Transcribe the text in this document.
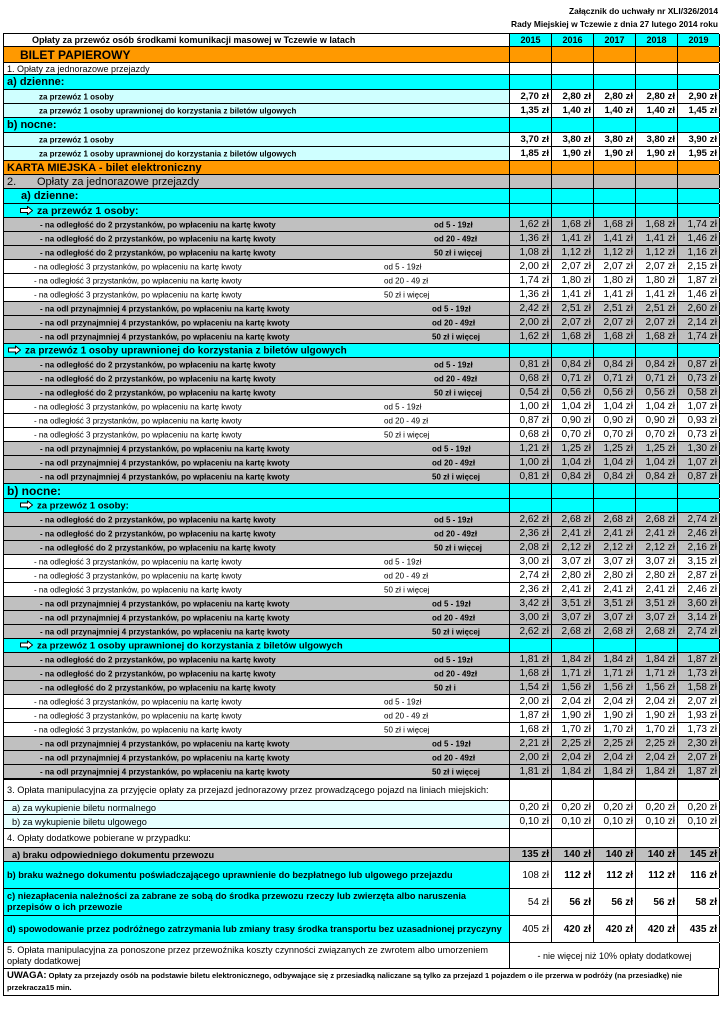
Załącznik do uchwały nr XLI/326/2014
Rady Miejskiej w Tczewie z dnia 27 lutego 2014 roku
Opłaty za przewóz osób środkami komunikacji masowej w Tczewie w latach	2015	2016	2017	2018	2019
BILET PAPIEROWY
1. Opłaty za jednorazowe przejazdy
a) dzienne:
za przewóz 1 osoby	2,70 zł	2,80 zł	2,80 zł	2,80 zł	2,90 zł
za przewóz 1 osoby uprawnionej do korzystania z biletów ulgowych	1,35 zł	1,40 zł	1,40 zł	1,40 zł	1,45 zł
b) nocne:
za przewóz 1 osoby	3,70 zł	3,80 zł	3,80 zł	3,80 zł	3,90 zł
za przewóz 1 osoby uprawnionej do korzystania z biletów ulgowych	1,85 zł	1,90 zł	1,90 zł	1,90 zł	1,95 zł
KARTA MIEJSKA - bilet elektroniczny
2. Opłaty za jednorazowe przejazdy
a) dzienne:
za przewóz 1 osoby:
- na odległość do 2 przystanków, po wpłaceniu na kartę kwoty	od 5 - 19zł	1,62 zł	1,68 zł	1,68 zł	1,68 zł	1,74 zł
- na odległość do 2 przystanków, po wpłaceniu na kartę kwoty	od 20 - 49zł	1,36 zł	1,41 zł	1,41 zł	1,41 zł	1,46 zł
- na odległość do 2 przystanków, po wpłaceniu na kartę kwoty	50 zł i więcej	1,08 zł	1,12 zł	1,12 zł	1,12 zł	1,16 zł
- na odległość 3 przystanków, po wpłaceniu na kartę kwoty	od 5 - 19zł	2,00 zł	2,07 zł	2,07 zł	2,07 zł	2,15 zł
- na odległość 3 przystanków, po wpłaceniu na kartę kwoty	od 20 - 49 zł	1,74 zł	1,80 zł	1,80 zł	1,80 zł	1,87 zł
- na odległość 3 przystanków, po wpłaceniu na kartę kwoty	50 zł i więcej	1,36 zł	1,41 zł	1,41 zł	1,41 zł	1,46 zł
- na odl przynajmniej 4 przystanków, po wpłaceniu na kartę kwoty	od 5 - 19zł	2,42 zł	2,51 zł	2,51 zł	2,51 zł	2,60 zł
- na odl przynajmniej 4 przystanków, po wpłaceniu na kartę kwoty	od 20 - 49zł	2,00 zł	2,07 zł	2,07 zł	2,07 zł	2,14 zł
- na odl przynajmniej 4 przystanków, po wpłaceniu na kartę kwoty	50 zł i więcej	1,62 zł	1,68 zł	1,68 zł	1,68 zł	1,74 zł
za przewóz 1 osoby uprawnionej do korzystania z biletów ulgowych
- na odległość do 2 przystanków, po wpłaceniu na kartę kwoty	od 5 - 19zł	0,81 zł	0,84 zł	0,84 zł	0,84 zł	0,87 zł
- na odległość do 2 przystanków, po wpłaceniu na kartę kwoty	od 20 - 49zł	0,68 zł	0,71 zł	0,71 zł	0,71 zł	0,73 zł
- na odległość do 2 przystanków, po wpłaceniu na kartę kwoty	50 zł i więcej	0,54 zł	0,56 zł	0,56 zł	0,56 zł	0,58 zł
- na odległość 3 przystanków, po wpłaceniu na kartę kwoty	od 5 - 19zł	1,00 zł	1,04 zł	1,04 zł	1,04 zł	1,07 zł
- na odległość 3 przystanków, po wpłaceniu na kartę kwoty	od 20 - 49 zł	0,87 zł	0,90 zł	0,90 zł	0,90 zł	0,93 zł
- na odległość 3 przystanków, po wpłaceniu na kartę kwoty	50 zł i więcej	0,68 zł	0,70 zł	0,70 zł	0,70 zł	0,73 zł
- na odl przynajmniej 4 przystanków, po wpłaceniu na kartę kwoty	od 5 - 19zł	1,21 zł	1,25 zł	1,25 zł	1,25 zł	1,30 zł
- na odl przynajmniej 4 przystanków, po wpłaceniu na kartę kwoty	od 20 - 49zł	1,00 zł	1,04 zł	1,04 zł	1,04 zł	1,07 zł
- na odl przynajmniej 4 przystanków, po wpłaceniu na kartę kwoty	50 zł i więcej	0,81 zł	0,84 zł	0,84 zł	0,84 zł	0,87 zł
b) nocne:
za przewóz 1 osoby:
- na odległość do 2 przystanków, po wpłaceniu na kartę kwoty	od 5 - 19zł	2,62 zł	2,68 zł	2,68 zł	2,68 zł	2,74 zł
- na odległość do 2 przystanków, po wpłaceniu na kartę kwoty	od 20 - 49zł	2,36 zł	2,41 zł	2,41 zł	2,41 zł	2,46 zł
- na odległość do 2 przystanków, po wpłaceniu na kartę kwoty	50 zł i więcej	2,08 zł	2,12 zł	2,12 zł	2,12 zł	2,16 zł
- na odległość 3 przystanków, po wpłaceniu na kartę kwoty	od 5 - 19zł	3,00 zł	3,07 zł	3,07 zł	3,07 zł	3,15 zł
- na odległość 3 przystanków, po wpłaceniu na kartę kwoty	od 20 - 49 zł	2,74 zł	2,80 zł	2,80 zł	2,80 zł	2,87 zł
- na odległość 3 przystanków, po wpłaceniu na kartę kwoty	50 zł i więcej	2,36 zł	2,41 zł	2,41 zł	2,41 zł	2,46 zł
- na odl przynajmniej 4 przystanków, po wpłaceniu na kartę kwoty	od 5 - 19zł	3,42 zł	3,51 zł	3,51 zł	3,51 zł	3,60 zł
- na odl przynajmniej 4 przystanków, po wpłaceniu na kartę kwoty	od 20 - 49zł	3,00 zł	3,07 zł	3,07 zł	3,07 zł	3,14 zł
- na odl przynajmniej 4 przystanków, po wpłaceniu na kartę kwoty	50 zł i więcej	2,62 zł	2,68 zł	2,68 zł	2,68 zł	2,74 zł
za przewóz 1 osoby uprawnionej do korzystania z biletów ulgowych
- na odległość do 2 przystanków, po wpłaceniu na kartę kwoty	od 5 - 19zł	1,81 zł	1,84 zł	1,84 zł	1,84 zł	1,87 zł
- na odległość do 2 przystanków, po wpłaceniu na kartę kwoty	od 20 - 49zł	1,68 zł	1,71 zł	1,71 zł	1,71 zł	1,73 zł
- na odległość do 2 przystanków, po wpłaceniu na kartę kwoty	50 zł i	1,54 zł	1,56 zł	1,56 zł	1,56 zł	1,58 zł
- na odległość 3 przystanków, po wpłaceniu na kartę kwoty	od 5 - 19zł	2,00 zł	2,04 zł	2,04 zł	2,04 zł	2,07 zł
- na odległość 3 przystanków, po wpłaceniu na kartę kwoty	od 20 - 49 zł	1,87 zł	1,90 zł	1,90 zł	1,90 zł	1,93 zł
- na odległość 3 przystanków, po wpłaceniu na kartę kwoty	50 zł i więcej	1,68 zł	1,70 zł	1,70 zł	1,70 zł	1,73 zł
- na odl przynajmniej 4 przystanków, po wpłaceniu na kartę kwoty	od 5 - 19zł	2,21 zł	2,25 zł	2,25 zł	2,25 zł	2,30 zł
- na odl przynajmniej 4 przystanków, po wpłaceniu na kartę kwoty	od 20 - 49zł	2,00 zł	2,04 zł	2,04 zł	2,04 zł	2,07 zł
- na odl przynajmniej 4 przystanków, po wpłaceniu na kartę kwoty	50 zł i więcej	1,81 zł	1,84 zł	1,84 zł	1,84 zł	1,87 zł
3. Opłata manipulacyjna za przyjęcie opłaty za przejazd jednorazowy przez prowadzącego pojazd na liniach miejskich:
a) za wykupienie biletu normalnego	0,20 zł	0,20 zł	0,20 zł	0,20 zł	0,20 zł
b) za wykupienie biletu ulgowego	0,10 zł	0,10 zł	0,10 zł	0,10 zł	0,10 zł
4. Opłaty dodatkowe pobierane w przypadku:
a) braku odpowiedniego dokumentu przewozu	135 zł	140 zł	140 zł	140 zł	145 zł
b) braku ważnego dokumentu poświadczającego uprawnienie do bezpłatnego lub ulgowego przejazdu	108 zł	112 zł	112 zł	112 zł	116 zł
c) niezapłacenia należności za zabrane ze sobą do środka przewozu rzeczy lub zwierzęta albo naruszenia przepisów o ich przewozie	54 zł	56 zł	56 zł	56 zł	58 zł
d) spowodowanie przez podróżnego zatrzymania lub zmiany trasy środka transportu bez uzasadnionej przyczyny	405 zł	420 zł	420 zł	420 zł	435 zł
5. Opłata manipulacyjna za ponoszone przez przewoźnika koszty czynności związanych ze zwrotem albo umorzeniem opłaty dodatkowej	- nie więcej niż 10% opłaty dodatkowej
UWAGA: Opłaty za przejazdy osób na podstawie biletu elektronicznego, odbywające się z przesiadką naliczane są tylko za przejazd 1 pojazdem o ile przerwa w podróży (na przesiadkę) nie przekracza15 min.
